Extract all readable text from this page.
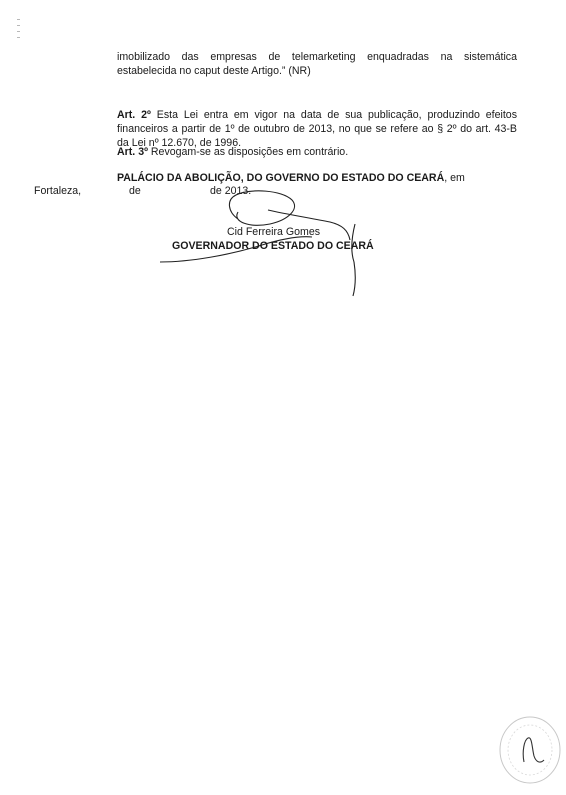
imobilizado das empresas de telemarketing enquadradas na sistemática estabelecida no caput deste Artigo.” (NR)

Art. 2º Esta Lei entra em vigor na data de sua publicação, produzindo efeitos financeiros a partir de 1º de outubro de 2013, no que se refere ao § 2º do art. 43-B da Lei nº 12.670, de 1996.

Art. 3º Revogam-se as disposições em contrário.

PALÁCIO DA ABOLIÇÃO, DO GOVERNO DO ESTADO DO CEARÁ, em

Fortaleza,	de	de 2013.
Cid Ferreira Gomes
GOVERNADOR DO ESTADO DO CEARÁ
